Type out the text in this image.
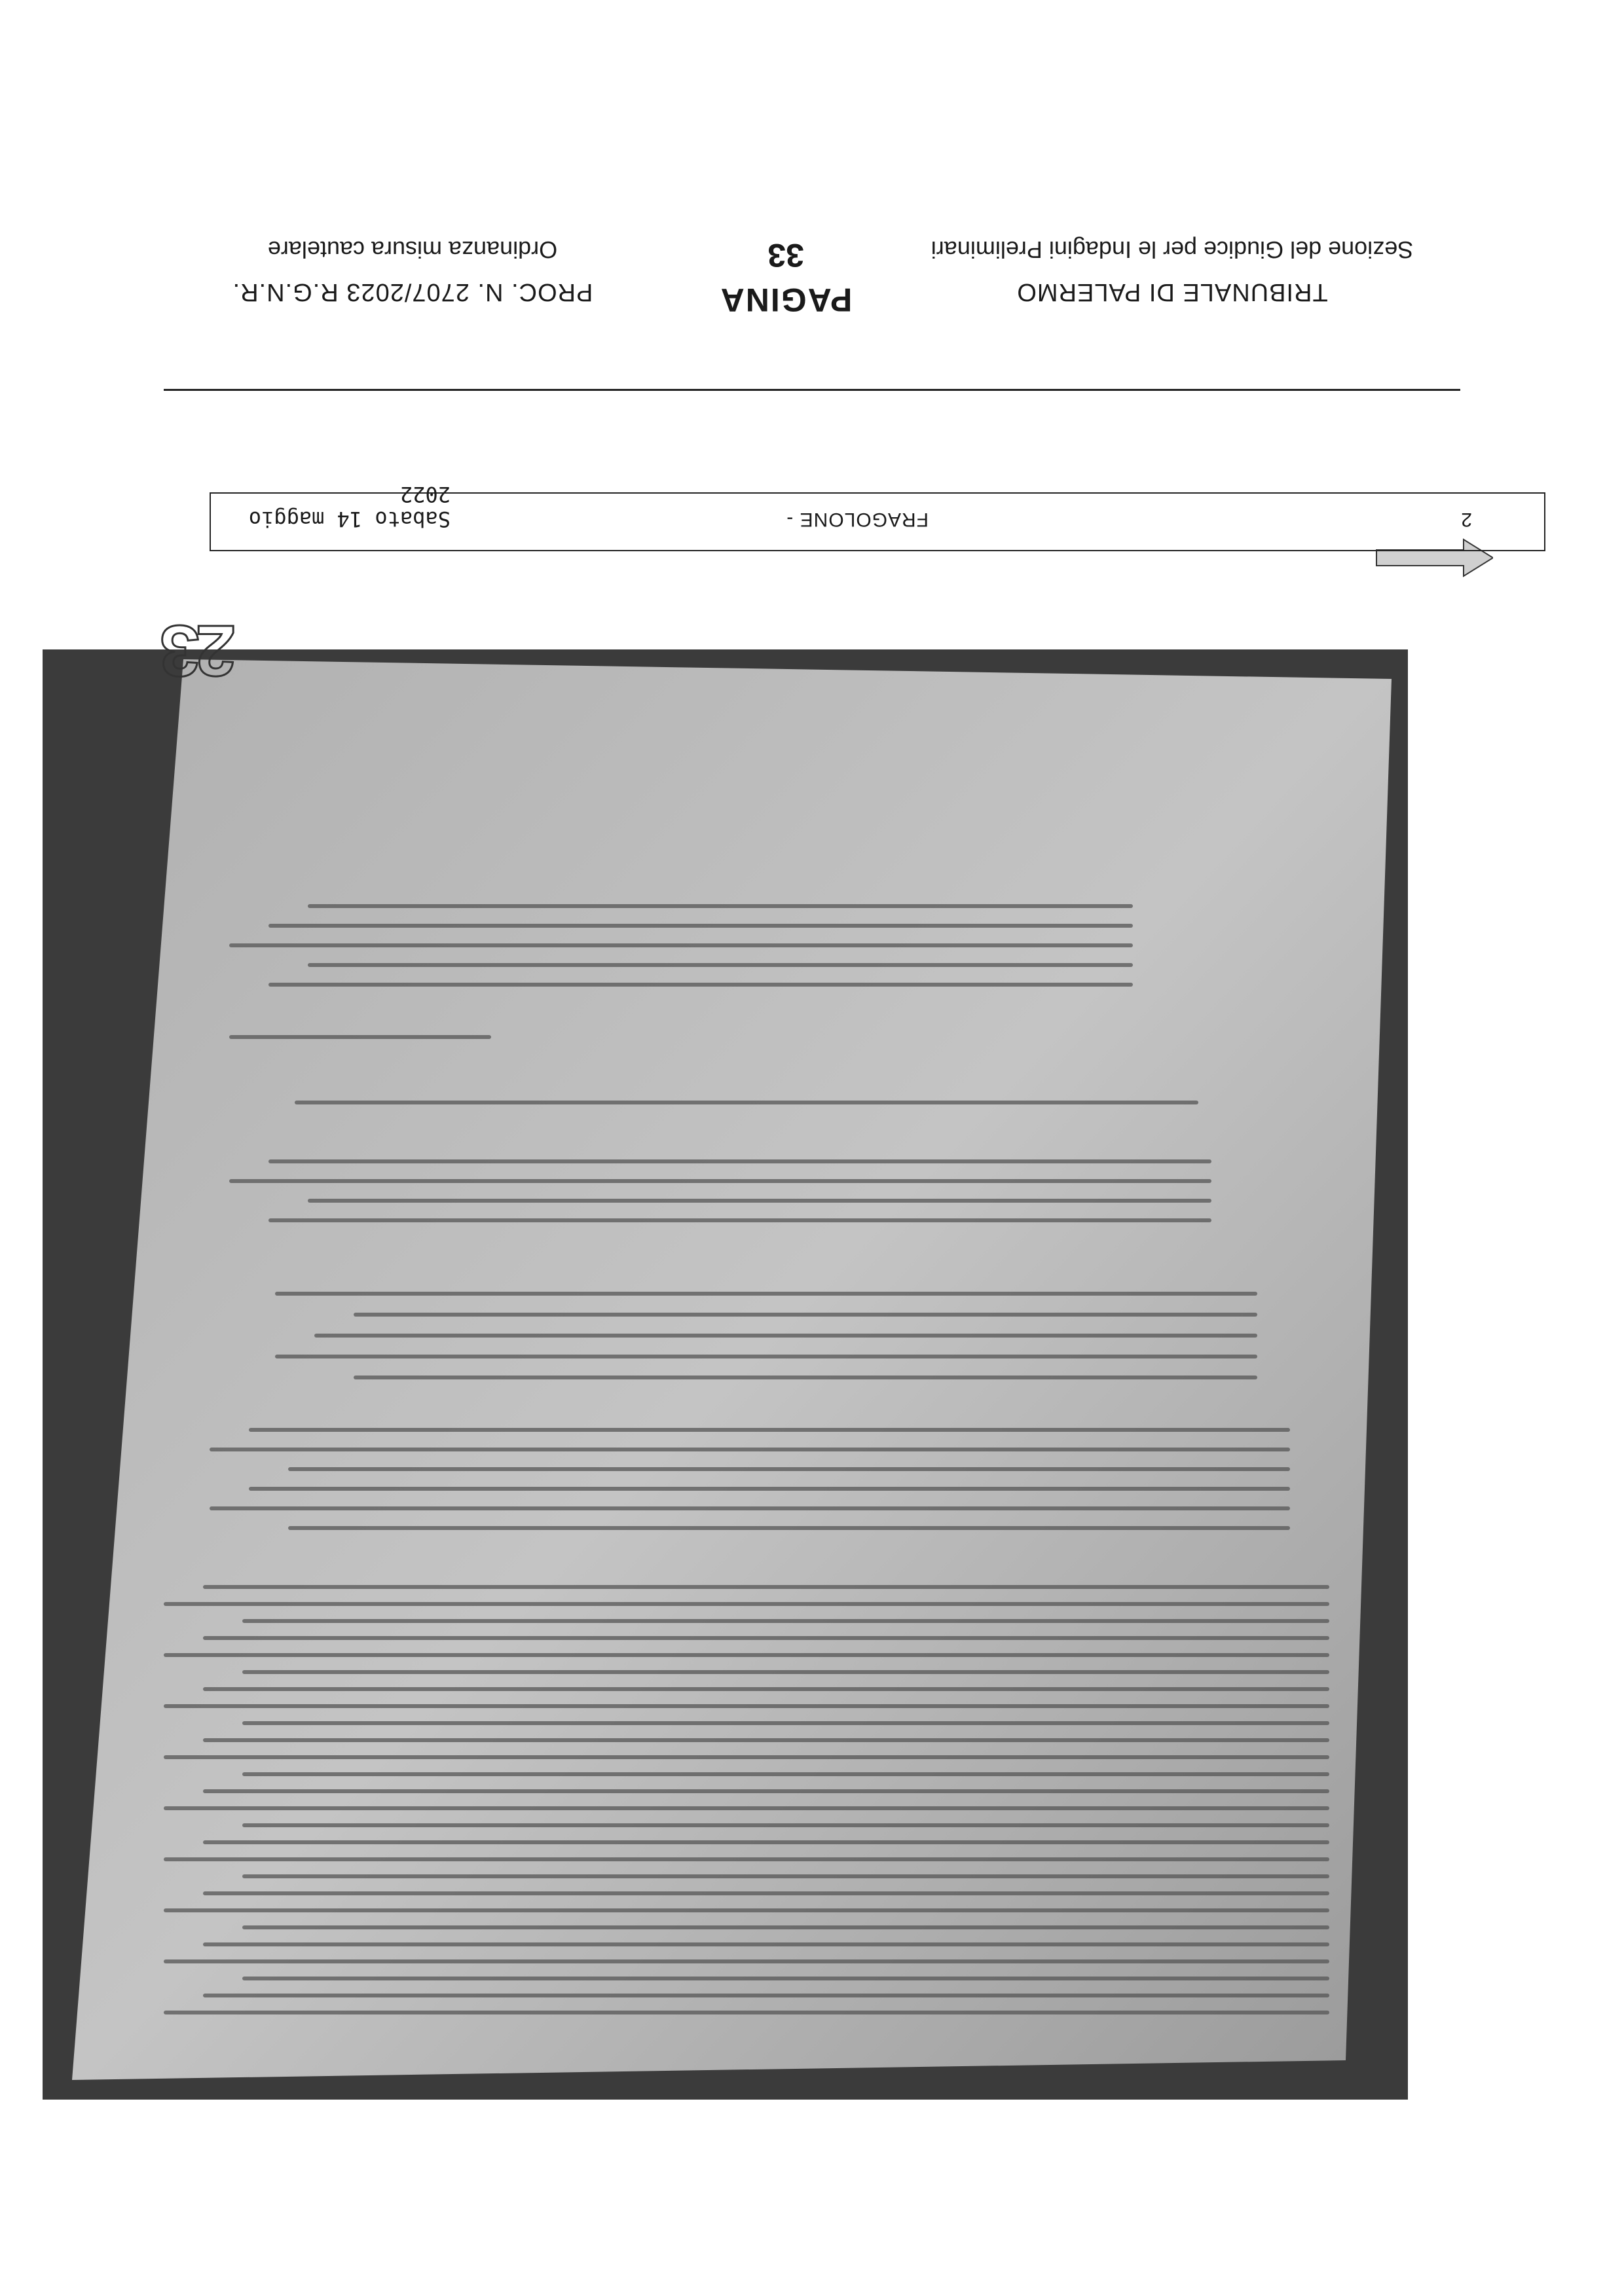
TRIBUNALE DI PALERMO
Sezione del Giudice per le Indagini Preliminari
PAGINA
33
PROC. N. 2707/2023 R.G.N.R.
Ordinanza misura cautelare
2
FRAGOLONE -
Sabato 14 maggio 2022
23
